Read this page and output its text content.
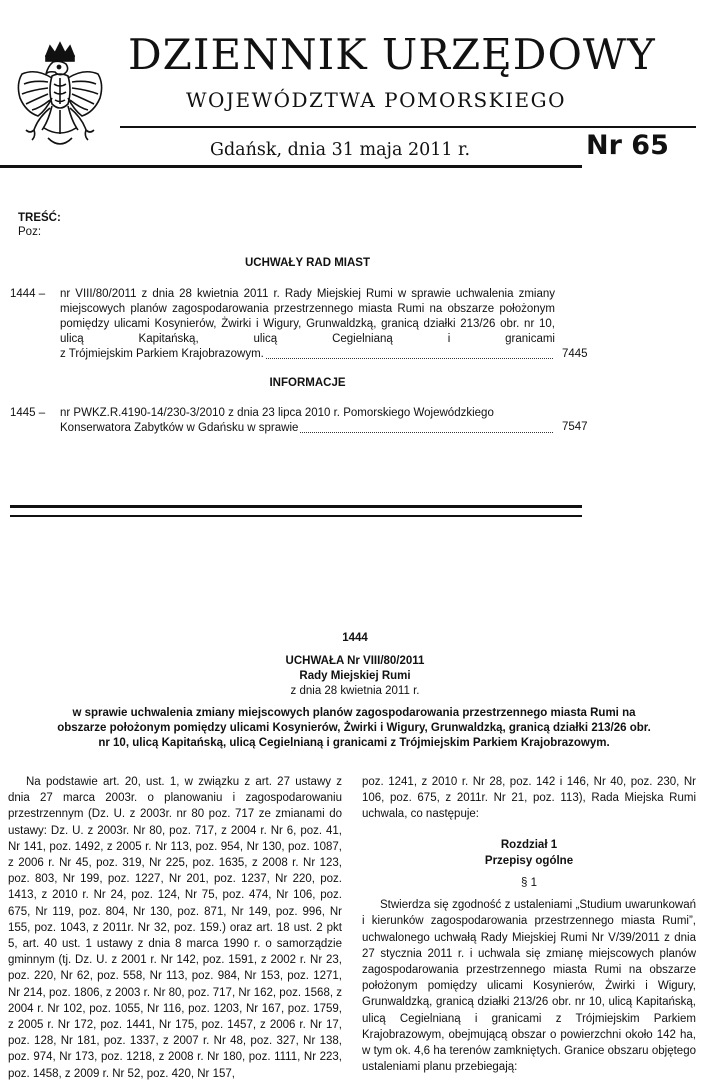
DZIENNIK URZĘDOWY
WOJEWÓDZTWA POMORSKIEGO
Gdańsk, dnia 31 maja 2011 r.	Nr 65
TREŚĆ:
Poz:
UCHWAŁY RAD MIAST
1444 – nr VIII/80/2011 z dnia 28 kwietnia 2011 r. Rady Miejskiej Rumi w sprawie uchwalenia zmiany miejscowych planów zagospodarowania przestrzennego miasta Rumi na obszarze położonym pomiędzy ulicami Kosynierów, Żwirki i Wigury, Grunwaldzką, granicą działki 213/26 obr. nr 10, ulicą Kapitańską, ulicą Cegielnianą i granicami
z Trójmiejskim Parkiem Krajobrazowym.	7445
INFORMACJE
1445 – nr PWKZ.R.4190-14/230-3/2010 z dnia 23 lipca 2010 r. Pomorskiego Wojewódzkiego
Konserwatora Zabytków w Gdańsku w sprawie	7547
1444
UCHWAŁA Nr VIII/80/2011
Rady Miejskiej Rumi
z dnia 28 kwietnia 2011 r.
w sprawie uchwalenia zmiany miejscowych planów zagospodarowania przestrzennego miasta Rumi na obszarze położonym pomiędzy ulicami Kosynierów, Żwirki i Wigury, Grunwaldzką, granicą działki 213/26 obr. nr 10, ulicą Kapitańską, ulicą Cegielnianą i granicami z Trójmiejskim Parkiem Krajobrazowym.

Na podstawie art. 20, ust. 1, w związku z art. 27 ustawy z dnia 27 marca 2003r. o planowaniu i zagospodarowaniu przestrzennym (Dz. U. z 2003r. nr 80 poz. 717 ze zmianami do ustawy: Dz. U. z 2003r. Nr 80, poz. 717, z 2004 r. Nr 6, poz. 41, Nr 141, poz. 1492, z 2005 r. Nr 113, poz. 954, Nr 130, poz. 1087, z 2006 r. Nr 45, poz. 319, Nr 225, poz. 1635, z 2008 r. Nr 123, poz. 803, Nr 199, poz. 1227, Nr 201, poz. 1237, Nr 220, poz. 1413, z 2010 r. Nr 24, poz. 124, Nr 75, poz. 474, Nr 106, poz. 675, Nr 119, poz. 804, Nr 130, poz. 871, Nr 149, poz. 996, Nr 155, poz. 1043, z 2011r. Nr 32, poz. 159.) oraz art. 18 ust. 2 pkt 5, art. 40 ust. 1 ustawy z dnia 8 marca 1990 r. o samorządzie gminnym (tj. Dz. U. z 2001 r. Nr 142, poz. 1591, z 2002 r. Nr 23, poz. 220, Nr 62, poz. 558, Nr 113, poz. 984, Nr 153, poz. 1271, Nr 214, poz. 1806, z 2003 r. Nr 80, poz. 717, Nr 162, poz. 1568, z 2004 r. Nr 102, poz. 1055, Nr 116, poz. 1203, Nr 167, poz. 1759, z 2005 r. Nr 172, poz. 1441, Nr 175, poz. 1457, z 2006 r. Nr 17, poz. 128, Nr 181, poz. 1337, z 2007 r. Nr 48, poz. 327, Nr 138, poz. 974, Nr 173, poz. 1218, z 2008 r. Nr 180, poz. 1111, Nr 223, poz. 1458, z 2009 r. Nr 52, poz. 420, Nr 157,

poz. 1241, z 2010 r. Nr 28, poz. 142 i 146, Nr 40, poz. 230, Nr 106, poz. 675, z 2011r. Nr 21, poz. 113), Rada Miejska Rumi uchwala, co następuje:

Rozdział 1

Przepisy ogólne

§ 1

Stwierdza się zgodność z ustaleniami „Studium uwarunkowań i kierunków zagospodarowania przestrzennego miasta Rumi”, uchwalonego uchwałą Rady Miejskiej Rumi Nr V/39/2011 z dnia 27 stycznia 2011 r. i uchwala się zmianę miejscowych planów zagospodarowania przestrzennego miasta Rumi na obszarze położonym pomiędzy ulicami Kosynierów, Żwirki i Wigury, Grunwaldzką, granicą działki 213/26 obr. nr 10, ulicą Kapitańską, ulicą Cegielnianą i granicami z Trójmiejskim Parkiem Krajobrazowym, obejmującą obszar o powierzchni około 142 ha, w tym ok. 4,6 ha terenów zamkniętych. Granice obszaru objętego ustaleniami planu przebiegają:
